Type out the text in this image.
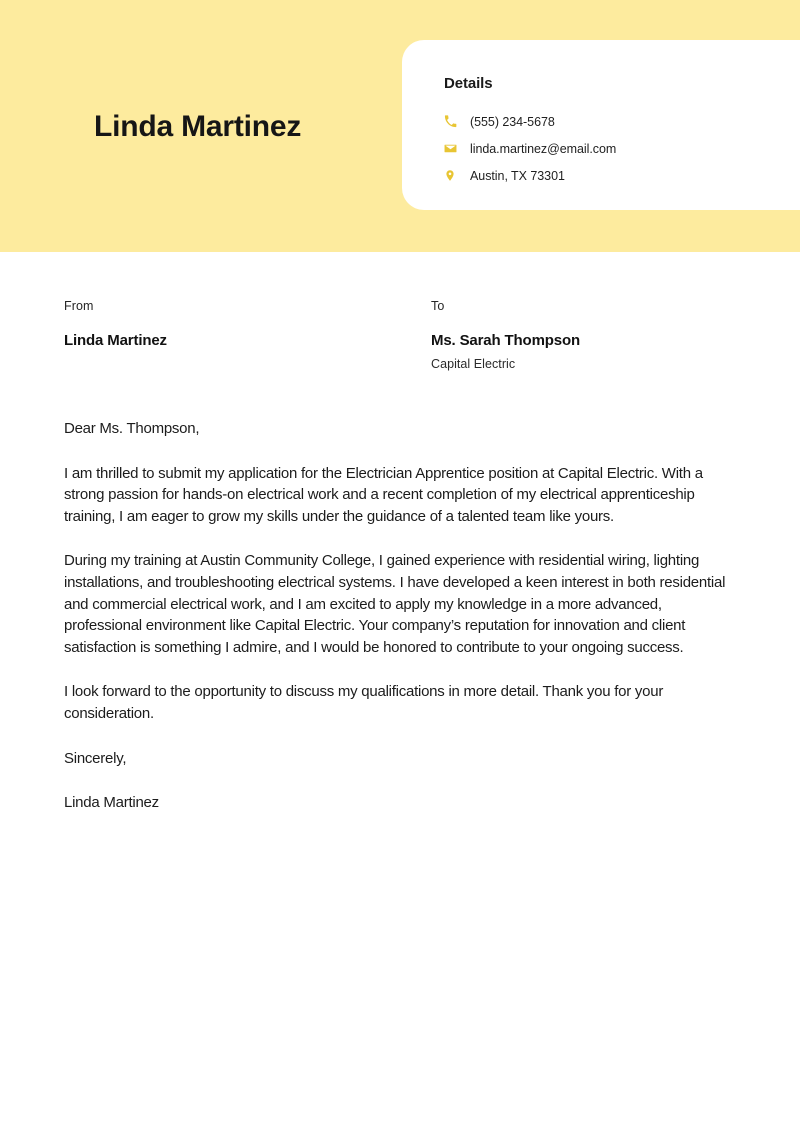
Linda Martinez
Details
(555) 234-5678
linda.martinez@email.com
Austin, TX 73301
From
Linda Martinez
To
Ms. Sarah Thompson
Capital Electric

Dear Ms. Thompson,

I am thrilled to submit my application for the Electrician Apprentice position at Capital Electric. With a strong passion for hands-on electrical work and a recent completion of my electrical apprenticeship training, I am eager to grow my skills under the guidance of a talented team like yours.

During my training at Austin Community College, I gained experience with residential wiring, lighting installations, and troubleshooting electrical systems. I have developed a keen interest in both residential and commercial electrical work, and I am excited to apply my knowledge in a more advanced, professional environment like Capital Electric. Your company’s reputation for innovation and client satisfaction is something I admire, and I would be honored to contribute to your ongoing success.

I look forward to the opportunity to discuss my qualifications in more detail. Thank you for your consideration.

Sincerely,

Linda Martinez
